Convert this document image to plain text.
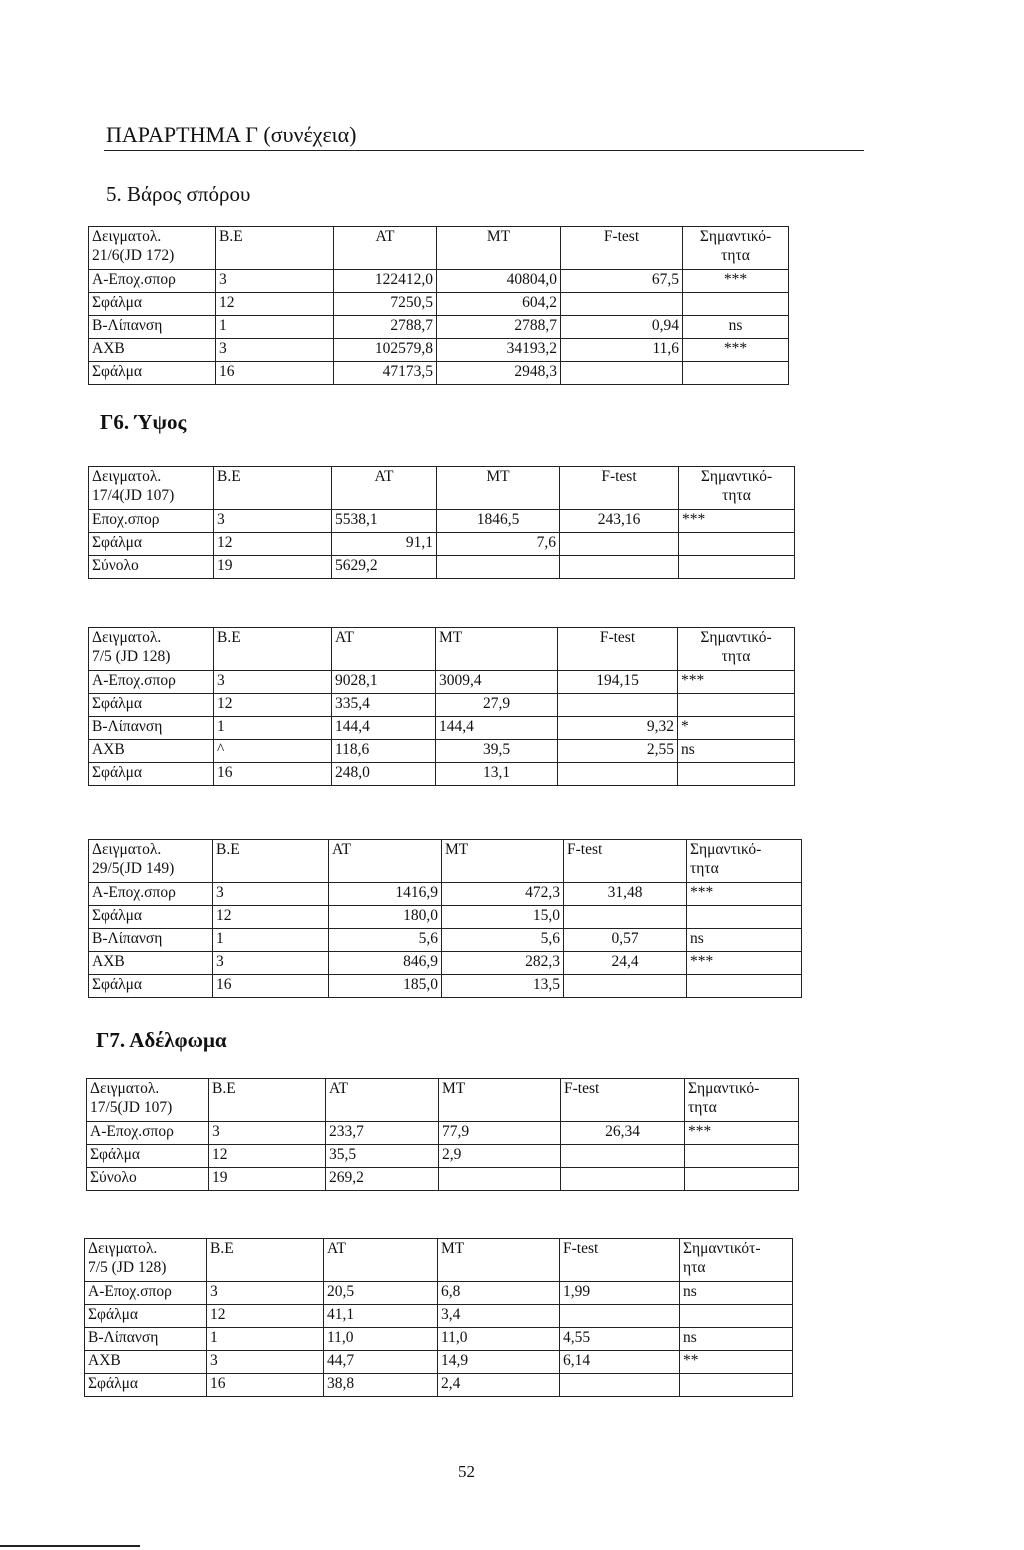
ΠΑΡΑΡΤΗΜΑ Γ (συνέχεια)
5. Βάρος σπόρου
Δειγματολ.
21/6(JD 172)	Β.Ε	ΑΤ	ΜΤ	F-test	Σημαντικό-
τητα
Α-Εποχ.σπορ	3	122412,0	40804,0	67,5	***
Σφάλμα	12	7250,5	604,2		
Β-Λίπανση	1	2788,7	2788,7	0,94	ns
ΑΧΒ	3	102579,8	34193,2	11,6	***
Σφάλμα	16	47173,5	2948,3		
Γ6. Ύψος
Δειγματολ.
17/4(JD 107)	Β.Ε	ΑΤ	ΜΤ	F-test	Σημαντικό-
τητα
Εποχ.σπορ	3	5538,1	1846,5	243,16	***
Σφάλμα	12	91,1	7,6		
Σύνολο	19	5629,2			
Δειγματολ.
7/5 (JD 128)	Β.Ε	ΑΤ	ΜΤ	F-test	Σημαντικό-
τητα
Α-Εποχ.σπορ	3	9028,1	3009,4	194,15	***
Σφάλμα	12	335,4	27,9		
Β-Λίπανση	1	144,4	144,4	9,32	*
ΑΧΒ	^	118,6	39,5	2,55	ns
Σφάλμα	16	248,0	13,1		
Δειγματολ.
29/5(JD 149)	Β.Ε	ΑΤ	ΜΤ	F-test	Σημαντικό-
τητα
Α-Εποχ.σπορ	3	1416,9	472,3	31,48	***
Σφάλμα	12	180,0	15,0		
Β-Λίπανση	1	5,6	5,6	0,57	ns
ΑΧΒ	3	846,9	282,3	24,4	***
Σφάλμα	16	185,0	13,5		
Γ7. Αδέλφωμα
Δειγματολ.
17/5(JD 107)	Β.Ε	ΑΤ	ΜΤ	F-test	Σημαντικό-
τητα
Α-Εποχ.σπορ	3	233,7	77,9	26,34	***
Σφάλμα	12	35,5	2,9		
Σύνολο	19	269,2			
Δειγματολ.
7/5 (JD 128)	Β.Ε	ΑΤ	ΜΤ	F-test	Σημαντικότ-
ητα
Α-Εποχ.σπορ	3	20,5	6,8	1,99	ns
Σφάλμα	12	41,1	3,4		
Β-Λίπανση	1	11,0	11,0	4,55	ns
ΑΧΒ	3	44,7	14,9	6,14	**
Σφάλμα	16	38,8	2,4		
52
